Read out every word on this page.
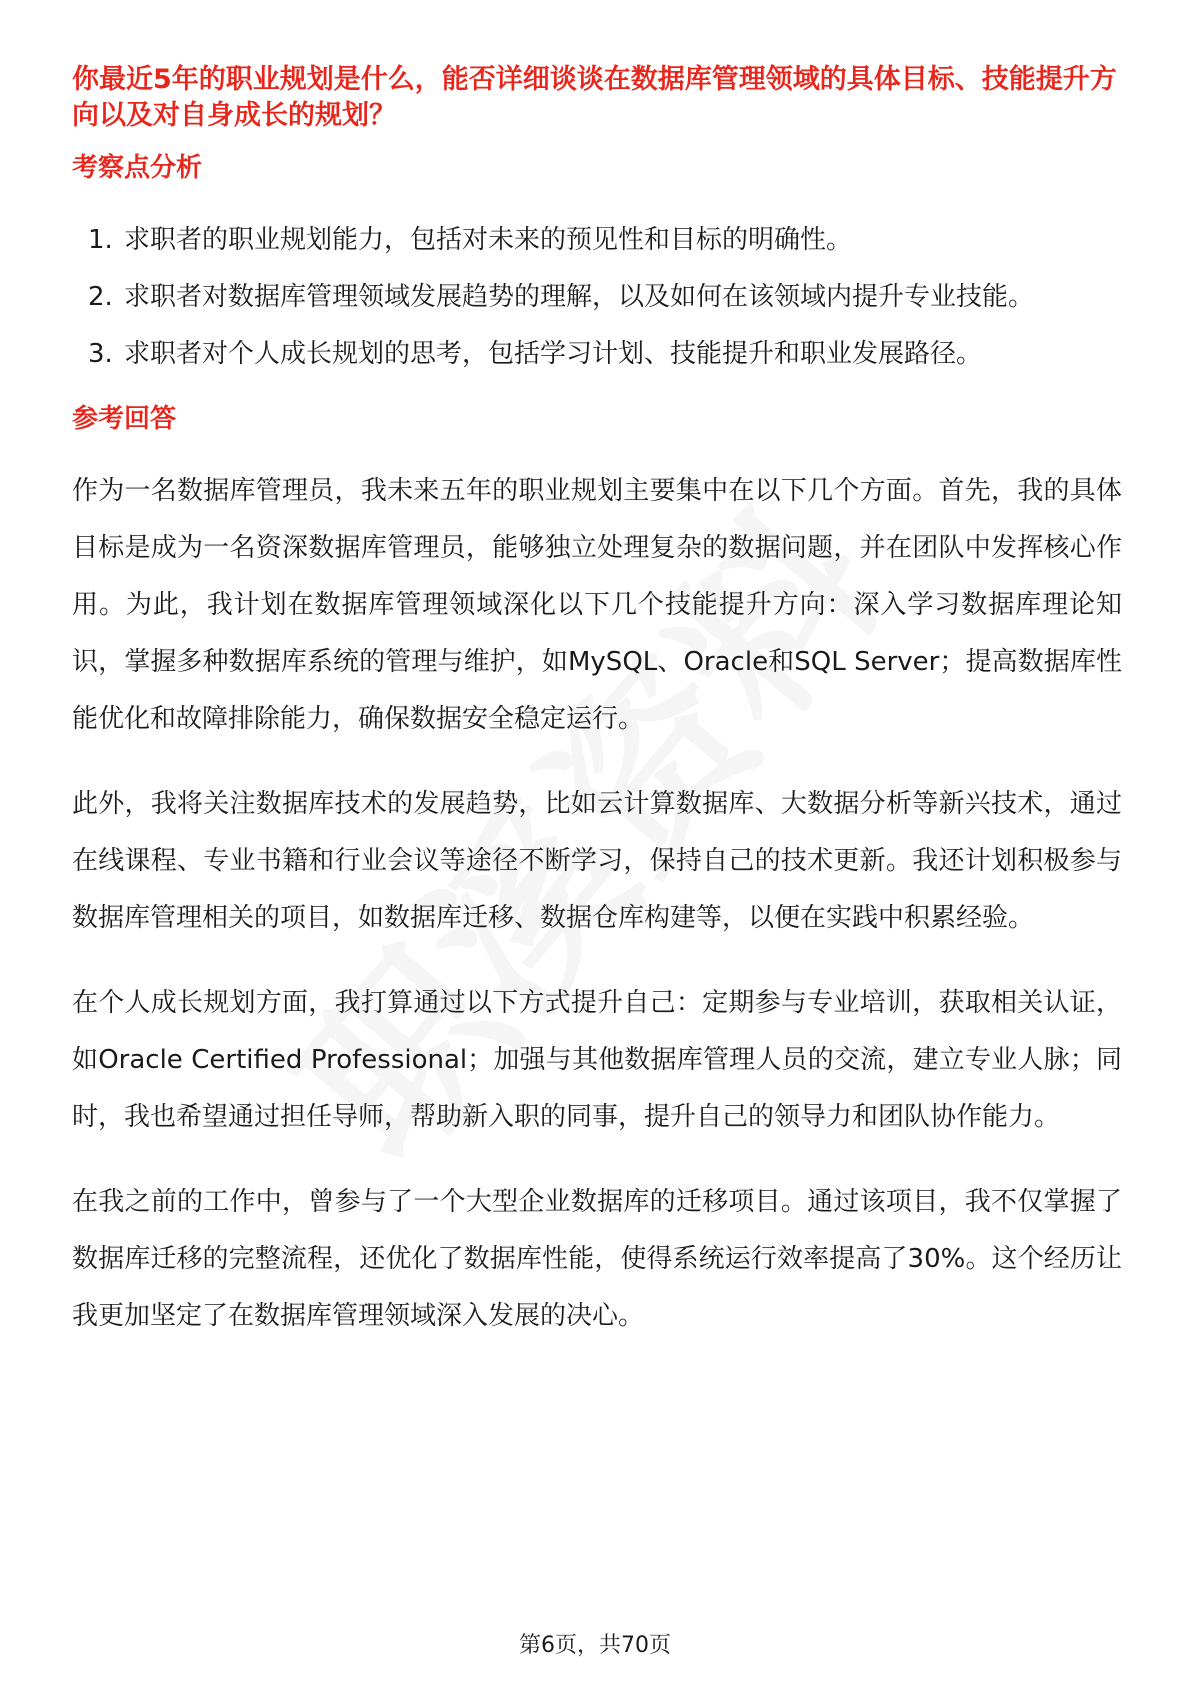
你最近5年的职业规划是什么，能否详细谈谈在数据库管理领域的具体目标、技能提升方向以及对自身成长的规划？

考察点分析

1. 求职者的职业规划能力，包括对未来的预见性和目标的明确性。
2. 求职者对数据库管理领域发展趋势的理解，以及如何在该领域内提升专业技能。
3. 求职者对个人成长规划的思考，包括学习计划、技能提升和职业发展路径。

参考回答

作为一名数据库管理员，我未来五年的职业规划主要集中在以下几个方面。首先，我的具体目标是成为一名资深数据库管理员，能够独立处理复杂的数据问题，并在团队中发挥核心作用。为此，我计划在数据库管理领域深化以下几个技能提升方向：深入学习数据库理论知识，掌握多种数据库系统的管理与维护，如MySQL、Oracle和SQL Server；提高数据库性能优化和故障排除能力，确保数据安全稳定运行。

此外，我将关注数据库技术的发展趋势，比如云计算数据库、大数据分析等新兴技术，通过在线课程、专业书籍和行业会议等途径不断学习，保持自己的技术更新。我还计划积极参与数据库管理相关的项目，如数据库迁移、数据仓库构建等，以便在实践中积累经验。

在个人成长规划方面，我打算通过以下方式提升自己：定期参与专业培训，获取相关认证，如Oracle Certified Professional；加强与其他数据库管理人员的交流，建立专业人脉；同时，我也希望通过担任导师，帮助新入职的同事，提升自己的领导力和团队协作能力。

在我之前的工作中，曾参与了一个大型企业数据库的迁移项目。通过该项目，我不仅掌握了数据库迁移的完整流程，还优化了数据库性能，使得系统运行效率提高了30%。这个经历让我更加坚定了在数据库管理领域深入发展的决心。

第6页，共70页
